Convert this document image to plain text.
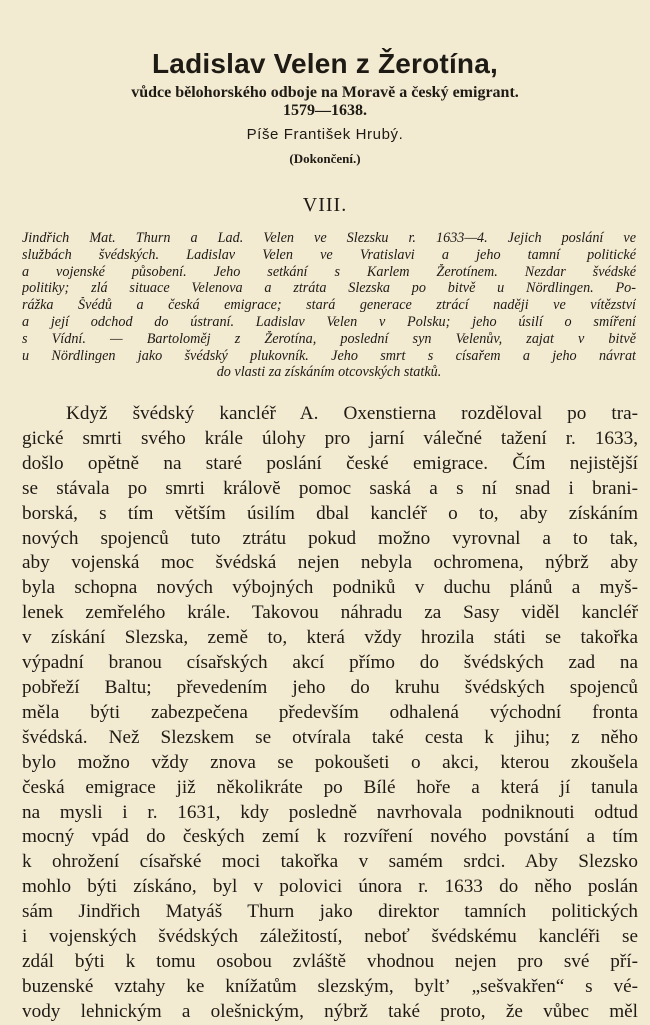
Ladislav Velen z Žerotína,
vůdce bělohorského odboje na Moravě a český emigrant.
1579—1638.
Píše František Hrubý.
(Dokončení.)
VIII.
Jindřich Mat. Thurn a Lad. Velen ve Slezsku r. 1633—4. Jejich poslání ve
službách švédských. Ladislav Velen ve Vratislavi a jeho tamní politické
a vojenské působení. Jeho setkání s Karlem Žerotínem. Nezdar švédské
politiky; zlá situace Velenova a ztráta Slezska po bitvě u Nördlingen. Po-
rážka Švédů a česká emigrace; stará generace ztrácí naději ve vítězství
a její odchod do ústraní. Ladislav Velen v Polsku; jeho úsilí o smíření
s Vídní. — Bartoloměj z Žerotína, poslední syn Velenův, zajat v bitvě
u Nördlingen jako švédský plukovník. Jeho smrt s císařem a jeho návrat
do vlasti za získáním otcovských statků.
Když švédský kancléř A. Oxenstierna rozděloval po tra-
gické smrti svého krále úlohy pro jarní válečné tažení r. 1633,
došlo opětně na staré poslání české emigrace. Čím nejistější
se stávala po smrti královĕ pomoc saská a s ní snad i brani-
borská, s tím větším úsilím dbal kancléř o to, aby získáním
nových spojenců tuto ztrátu pokud možno vyrovnal a to tak,
aby vojenská moc švédská nejen nebyla ochromena, nýbrž aby
byla schopna nových výbojných podniků v duchu plánů a myš-
lenek zemřelého krále. Takovou náhradu za Sasy viděl kancléř
v získání Slezska, země to, která vždy hrozila státi se takořka
výpadní branou císařských akcí přímo do švédských zad na
pobřeží Baltu; převedením jeho do kruhu švédských spojenců
měla býti zabezpečena především odhalená východní fronta
švédská. Než Slezskem se otvírala také cesta k jihu; z něho
bylo možno vždy znova se pokoušeti o akci, kterou zkoušela
česká emigrace již několikráte po Bílé hoře a která jí tanula
na mysli i r. 1631, kdy posledně navrhovala podniknouti odtud
mocný vpád do českých zemí k rozvíření nového povstání a tím
k ohrožení císařské moci takořka v samém srdci. Aby Slezsko
mohlo býti získáno, byl v polovici února r. 1633 do něho poslán
sám Jindřich Matyáš Thurn jako direktor tamních politických
i vojenských švédských záležitostí, neboť švédskému kancléři se
zdál býti k tomu osobou zvláště vhodnou nejen pro své pří-
buzenské vztahy ke knížatům slezským, byltʼ „sešvakřen“ s vé-
vody lehnickým a olešnickým, nýbrž také proto, že vůbec měl
